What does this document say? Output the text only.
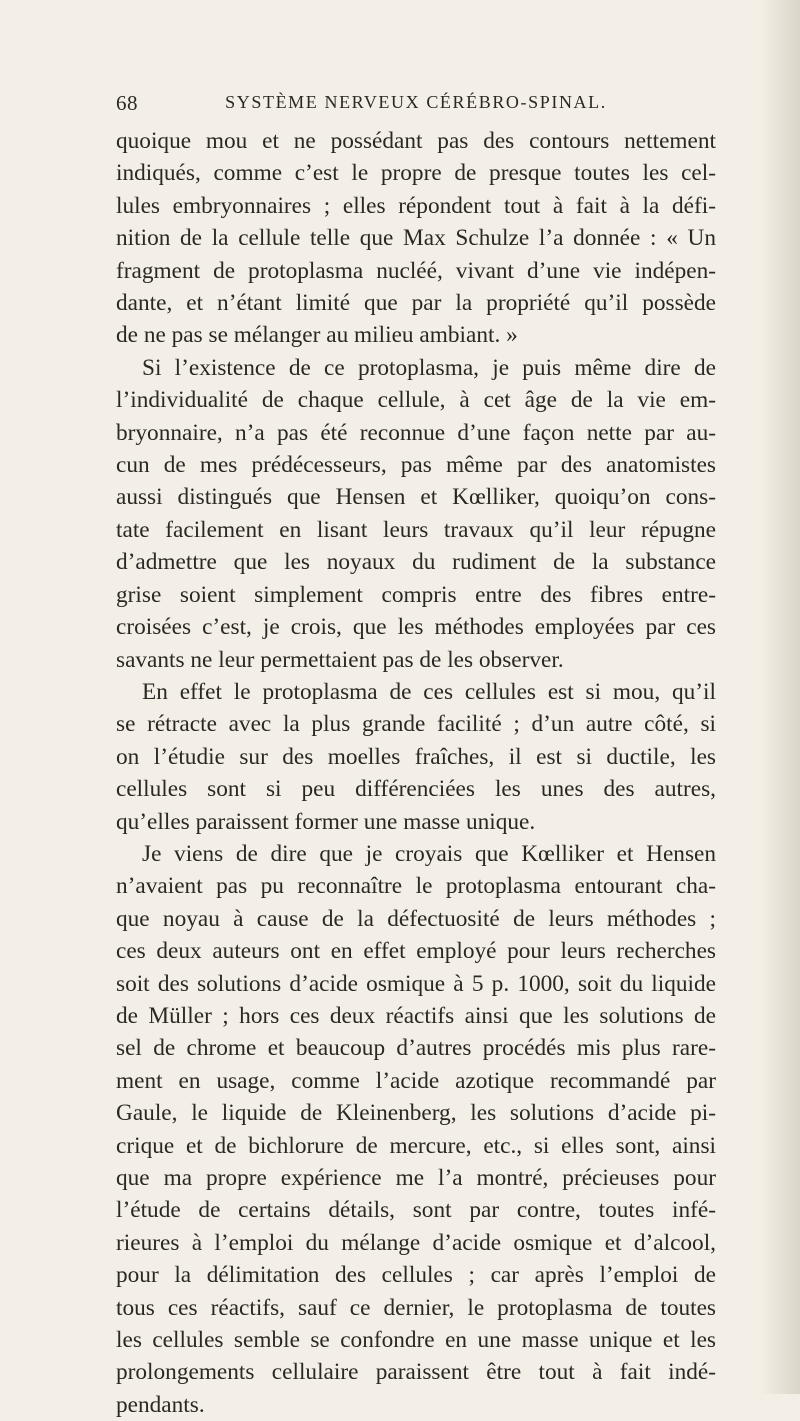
68	SYSTÈME NERVEUX CÉRÉBRO-SPINAL.
quoique mou et ne possédant pas des contours nettement
indiqués, comme c’est le propre de presque toutes les cel-
lules embryonnaires ; elles répondent tout à fait à la défi-
nition de la cellule telle que Max Schulze l’a donnée : « Un
fragment de protoplasma nucléé, vivant d’une vie indépen-
dante, et n’étant limité que par la propriété qu’il possède
de ne pas se mélanger au milieu ambiant. »
Si l’existence de ce protoplasma, je puis même dire de
l’individualité de chaque cellule, à cet âge de la vie em-
bryonnaire, n’a pas été reconnue d’une façon nette par au-
cun de mes prédécesseurs, pas même par des anatomistes
aussi distingués que Hensen et Kœlliker, quoiqu’on cons-
tate facilement en lisant leurs travaux qu’il leur répugne
d’admettre que les noyaux du rudiment de la substance
grise soient simplement compris entre des fibres entre-
croisées c’est, je crois, que les méthodes employées par ces
savants ne leur permettaient pas de les observer.
En effet le protoplasma de ces cellules est si mou, qu’il
se rétracte avec la plus grande facilité ; d’un autre côté, si
on l’étudie sur des moelles fraîches, il est si ductile, les
cellules sont si peu différenciées les unes des autres,
qu’elles paraissent former une masse unique.
Je viens de dire que je croyais que Kœlliker et Hensen
n’avaient pas pu reconnaître le protoplasma entourant cha-
que noyau à cause de la défectuosité de leurs méthodes ;
ces deux auteurs ont en effet employé pour leurs recherches
soit des solutions d’acide osmique à 5 p. 1000, soit du liquide
de Müller ; hors ces deux réactifs ainsi que les solutions de
sel de chrome et beaucoup d’autres procédés mis plus rare-
ment en usage, comme l’acide azotique recommandé par
Gaule, le liquide de Kleinenberg, les solutions d’acide pi-
crique et de bichlorure de mercure, etc., si elles sont, ainsi
que ma propre expérience me l’a montré, précieuses pour
l’étude de certains détails, sont par contre, toutes infé-
rieures à l’emploi du mélange d’acide osmique et d’alcool,
pour la délimitation des cellules ; car après l’emploi de
tous ces réactifs, sauf ce dernier, le protoplasma de toutes
les cellules semble se confondre en une masse unique et les
prolongements cellulaire paraissent être tout à fait indé-
pendants.
